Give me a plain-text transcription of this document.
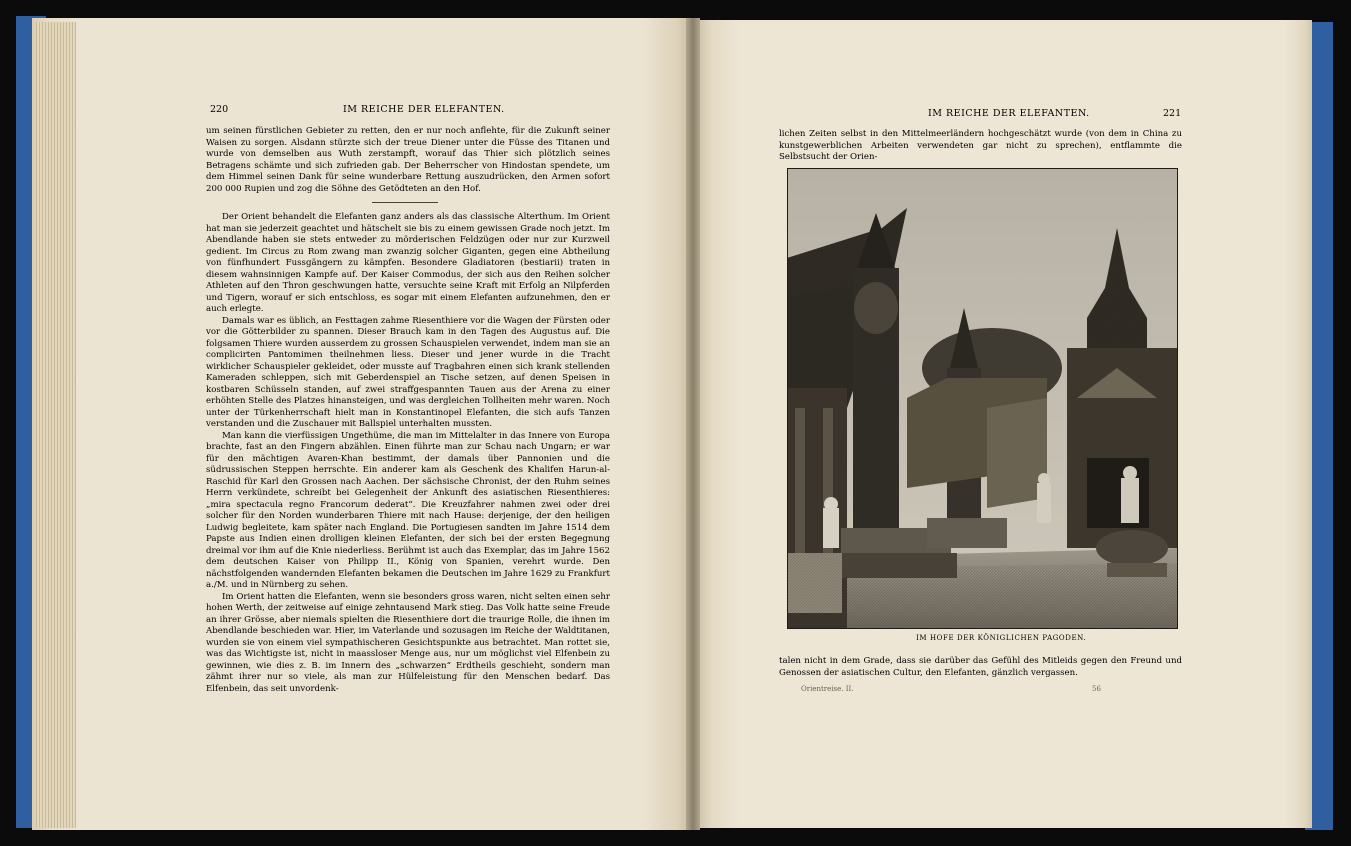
220	IM REICHE DER ELEFANTEN.

um seinen fürstlichen Gebieter zu retten, den er nur noch anflehte, für die Zukunft seiner Waisen zu sorgen. Alsdann stürzte sich der treue Diener unter die Füsse des Titanen und wurde von demselben aus Wuth zerstampft, worauf das Thier sich plötzlich seines Betragens schämte und sich zufrieden gab. Der Beherrscher von Hindostan spendete, um dem Himmel seinen Dank für seine wunderbare Rettung auszudrücken, den Armen sofort 200 000 Rupien und zog die Söhne des Getödteten an den Hof.

Der Orient behandelt die Elefanten ganz anders als das classische Alterthum. Im Orient hat man sie jederzeit geachtet und hätschelt sie bis zu einem gewissen Grade noch jetzt. Im Abendlande haben sie stets entweder zu mörderischen Feldzügen oder nur zur Kurzweil gedient. Im Circus zu Rom zwang man zwanzig solcher Giganten, gegen eine Abtheilung von fünfhundert Fussgängern zu kämpfen. Besondere Gladiatoren (bestiarii) traten in diesem wahnsinnigen Kampfe auf. Der Kaiser Commodus, der sich aus den Reihen solcher Athleten auf den Thron geschwungen hatte, versuchte seine Kraft mit Erfolg an Nilpferden und Tigern, worauf er sich entschloss, es sogar mit einem Elefanten aufzunehmen, den er auch erlegte.

Damals war es üblich, an Festtagen zahme Riesenthiere vor die Wagen der Fürsten oder vor die Götterbilder zu spannen. Dieser Brauch kam in den Tagen des Augustus auf. Die folgsamen Thiere wurden ausserdem zu grossen Schauspielen verwendet, indem man sie an complicirten Pantomimen theilnehmen liess. Dieser und jener wurde in die Tracht wirklicher Schauspieler gekleidet, oder musste auf Tragbahren einen sich krank stellenden Kameraden schleppen, sich mit Geberdenspiel an Tische setzen, auf denen Speisen in kostbaren Schüsseln standen, auf zwei straffgespannten Tauen aus der Arena zu einer erhöhten Stelle des Platzes hinansteigen, und was dergleichen Tollheiten mehr waren. Noch unter der Türkenherrschaft hielt man in Konstantinopel Elefanten, die sich aufs Tanzen verstanden und die Zuschauer mit Ballspiel unterhalten mussten.

Man kann die vierfüssigen Ungethüme, die man im Mittelalter in das Innere von Europa brachte, fast an den Fingern abzählen. Einen führte man zur Schau nach Ungarn; er war für den mächtigen Avaren-Khan bestimmt, der damals über Pannonien und die südrussischen Steppen herrschte. Ein anderer kam als Geschenk des Khalifen Harun-al-Raschid für Karl den Grossen nach Aachen. Der sächsische Chronist, der den Ruhm seines Herrn verkündete, schreibt bei Gelegenheit der Ankunft des asiatischen Riesenthieres: „mira spectacula regno Francorum dederat“. Die Kreuzfahrer nahmen zwei oder drei solcher für den Norden wunderbaren Thiere mit nach Hause: derjenige, der den heiligen Ludwig begleitete, kam später nach England. Die Portugiesen sandten im Jahre 1514 dem Papste aus Indien einen drolligen kleinen Elefanten, der sich bei der ersten Begegnung dreimal vor ihm auf die Knie niederliess. Berühmt ist auch das Exemplar, das im Jahre 1562 dem deutschen Kaiser von Philipp II., König von Spanien, verehrt wurde. Den nächstfolgenden wandernden Elefanten bekamen die Deutschen im Jahre 1629 zu Frankfurt a./M. und in Nürnberg zu sehen.

Im Orient hatten die Elefanten, wenn sie besonders gross waren, nicht selten einen sehr hohen Werth, der zeitweise auf einige zehntausend Mark stieg. Das Volk hatte seine Freude an ihrer Grösse, aber niemals spielten die Riesenthiere dort die traurige Rolle, die ihnen im Abendlande beschieden war. Hier, im Vaterlande und sozusagen im Reiche der Waldtitanen, wurden sie von einem viel sympathischeren Gesichtspunkte aus betrachtet. Man rottet sie, was das Wichtigste ist, nicht in maassloser Menge aus, nur um möglichst viel Elfenbein zu gewinnen, wie dies z. B. im Innern des „schwarzen“ Erdtheils geschieht, sondern man zähmt ihrer nur so viele, als man zur Hülfeleistung für den Menschen bedarf. Das Elfenbein, das seit unvordenk-

IM REICHE DER ELEFANTEN.	221

lichen Zeiten selbst in den Mittelmeerländern hochgeschätzt wurde (von dem in China zu kunstgewerblichen Arbeiten verwendeten gar nicht zu sprechen), entflammte die Selbstsucht der Orien-

IM HOFE DER KÖNIGLICHEN PAGODEN.

talen nicht in dem Grade, dass sie darüber das Gefühl des Mitleids gegen den Freund und Genossen der asiatischen Cultur, den Elefanten, gänzlich vergassen.

Orientreise. II.	56
